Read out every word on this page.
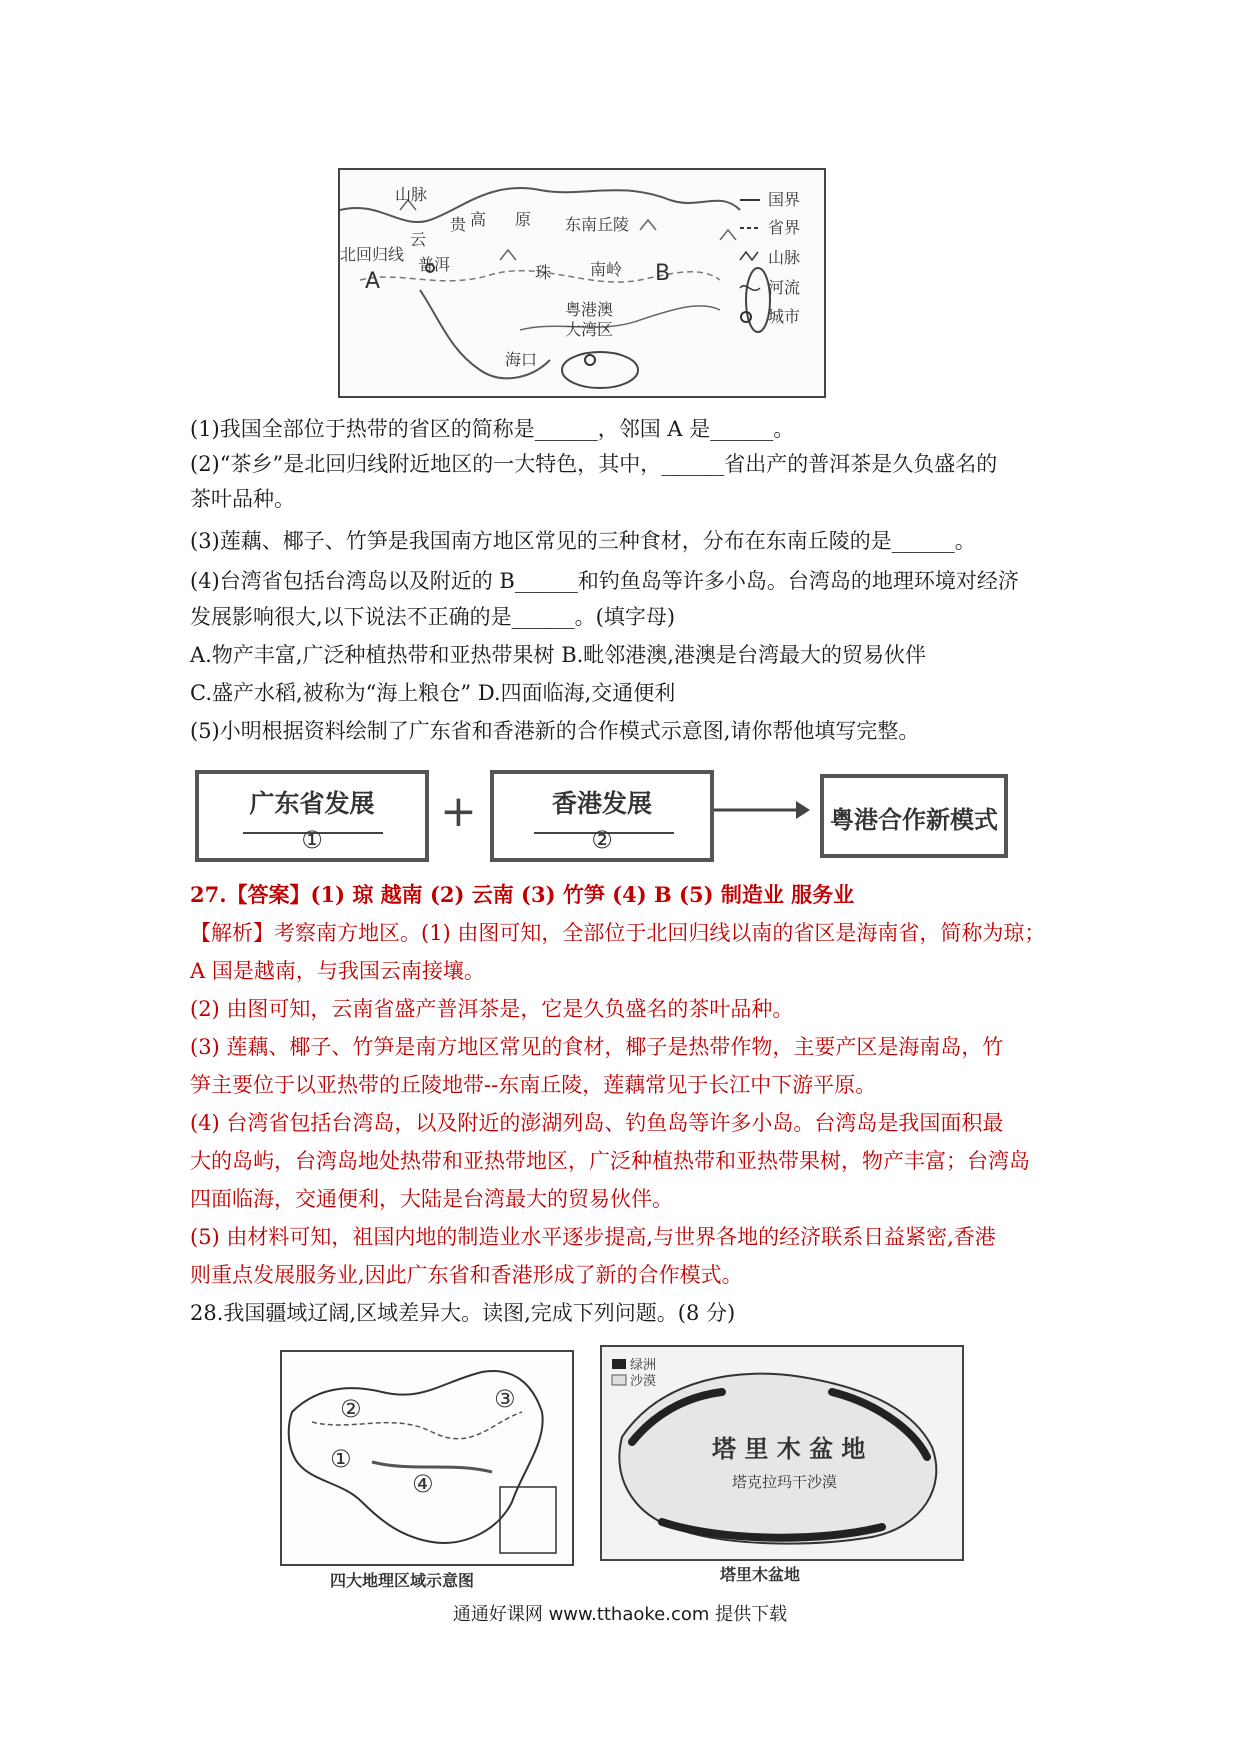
高 原 东南丘陵
南岭
北回归线
普洱	珠
粤港澳
大湾区
海口
A	B
云
贵
山脉	国界
省界
山脉
河流
城市
(1)我国全部位于热带的省区的简称是______，邻国 A 是______。
(2)“茶乡”是北回归线附近地区的一大特色，其中，______省出产的普洱茶是久负盛名的
茶叶品种。
(3)莲藕、椰子、竹笋是我国南方地区常见的三种食材，分布在东南丘陵的是______。
(4)台湾省包括台湾岛以及附近的 B______和钓鱼岛等许多小岛。台湾岛的地理环境对经济
发展影响很大,以下说法不正确的是______。(填字母)
A.物产丰富,广泛种植热带和亚热带果树 B.毗邻港澳,港澳是台湾最大的贸易伙伴
C.盛产水稻,被称为“海上粮仓” D.四面临海,交通便利
(5)小明根据资料绘制了广东省和香港新的合作模式示意图,请你帮他填写完整。
广东省发展
①
+	香港发展
②
粤港合作新模式
27.【答案】(1) 琼 越南 (2) 云南 (3) 竹笋 (4) B (5) 制造业 服务业
【解析】考察南方地区。(1) 由图可知，全部位于北回归线以南的省区是海南省，简称为琼；
A 国是越南，与我国云南接壤。
(2) 由图可知，云南省盛产普洱茶是，它是久负盛名的茶叶品种。
(3) 莲藕、椰子、竹笋是南方地区常见的食材，椰子是热带作物，主要产区是海南岛，竹
笋主要位于以亚热带的丘陵地带--东南丘陵，莲藕常见于长江中下游平原。
(4) 台湾省包括台湾岛，以及附近的澎湖列岛、钓鱼岛等许多小岛。台湾岛是我国面积最
大的岛屿，台湾岛地处热带和亚热带地区，广泛种植热带和亚热带果树，物产丰富；台湾岛
四面临海，交通便利，大陆是台湾最大的贸易伙伴。
(5) 由材料可知，祖国内地的制造业水平逐步提高,与世界各地的经济联系日益紧密,香港
则重点发展服务业,因此广东省和香港形成了新的合作模式。
28.我国疆域辽阔,区域差异大。读图,完成下列问题。(8 分)
②	③
①
④
四大地理区域示意图
绿洲
沙漠
塔 里 木 盆 地
塔克拉玛干沙漠
塔里木盆地
通通好课网 www.tthaoke.com 提供下载
